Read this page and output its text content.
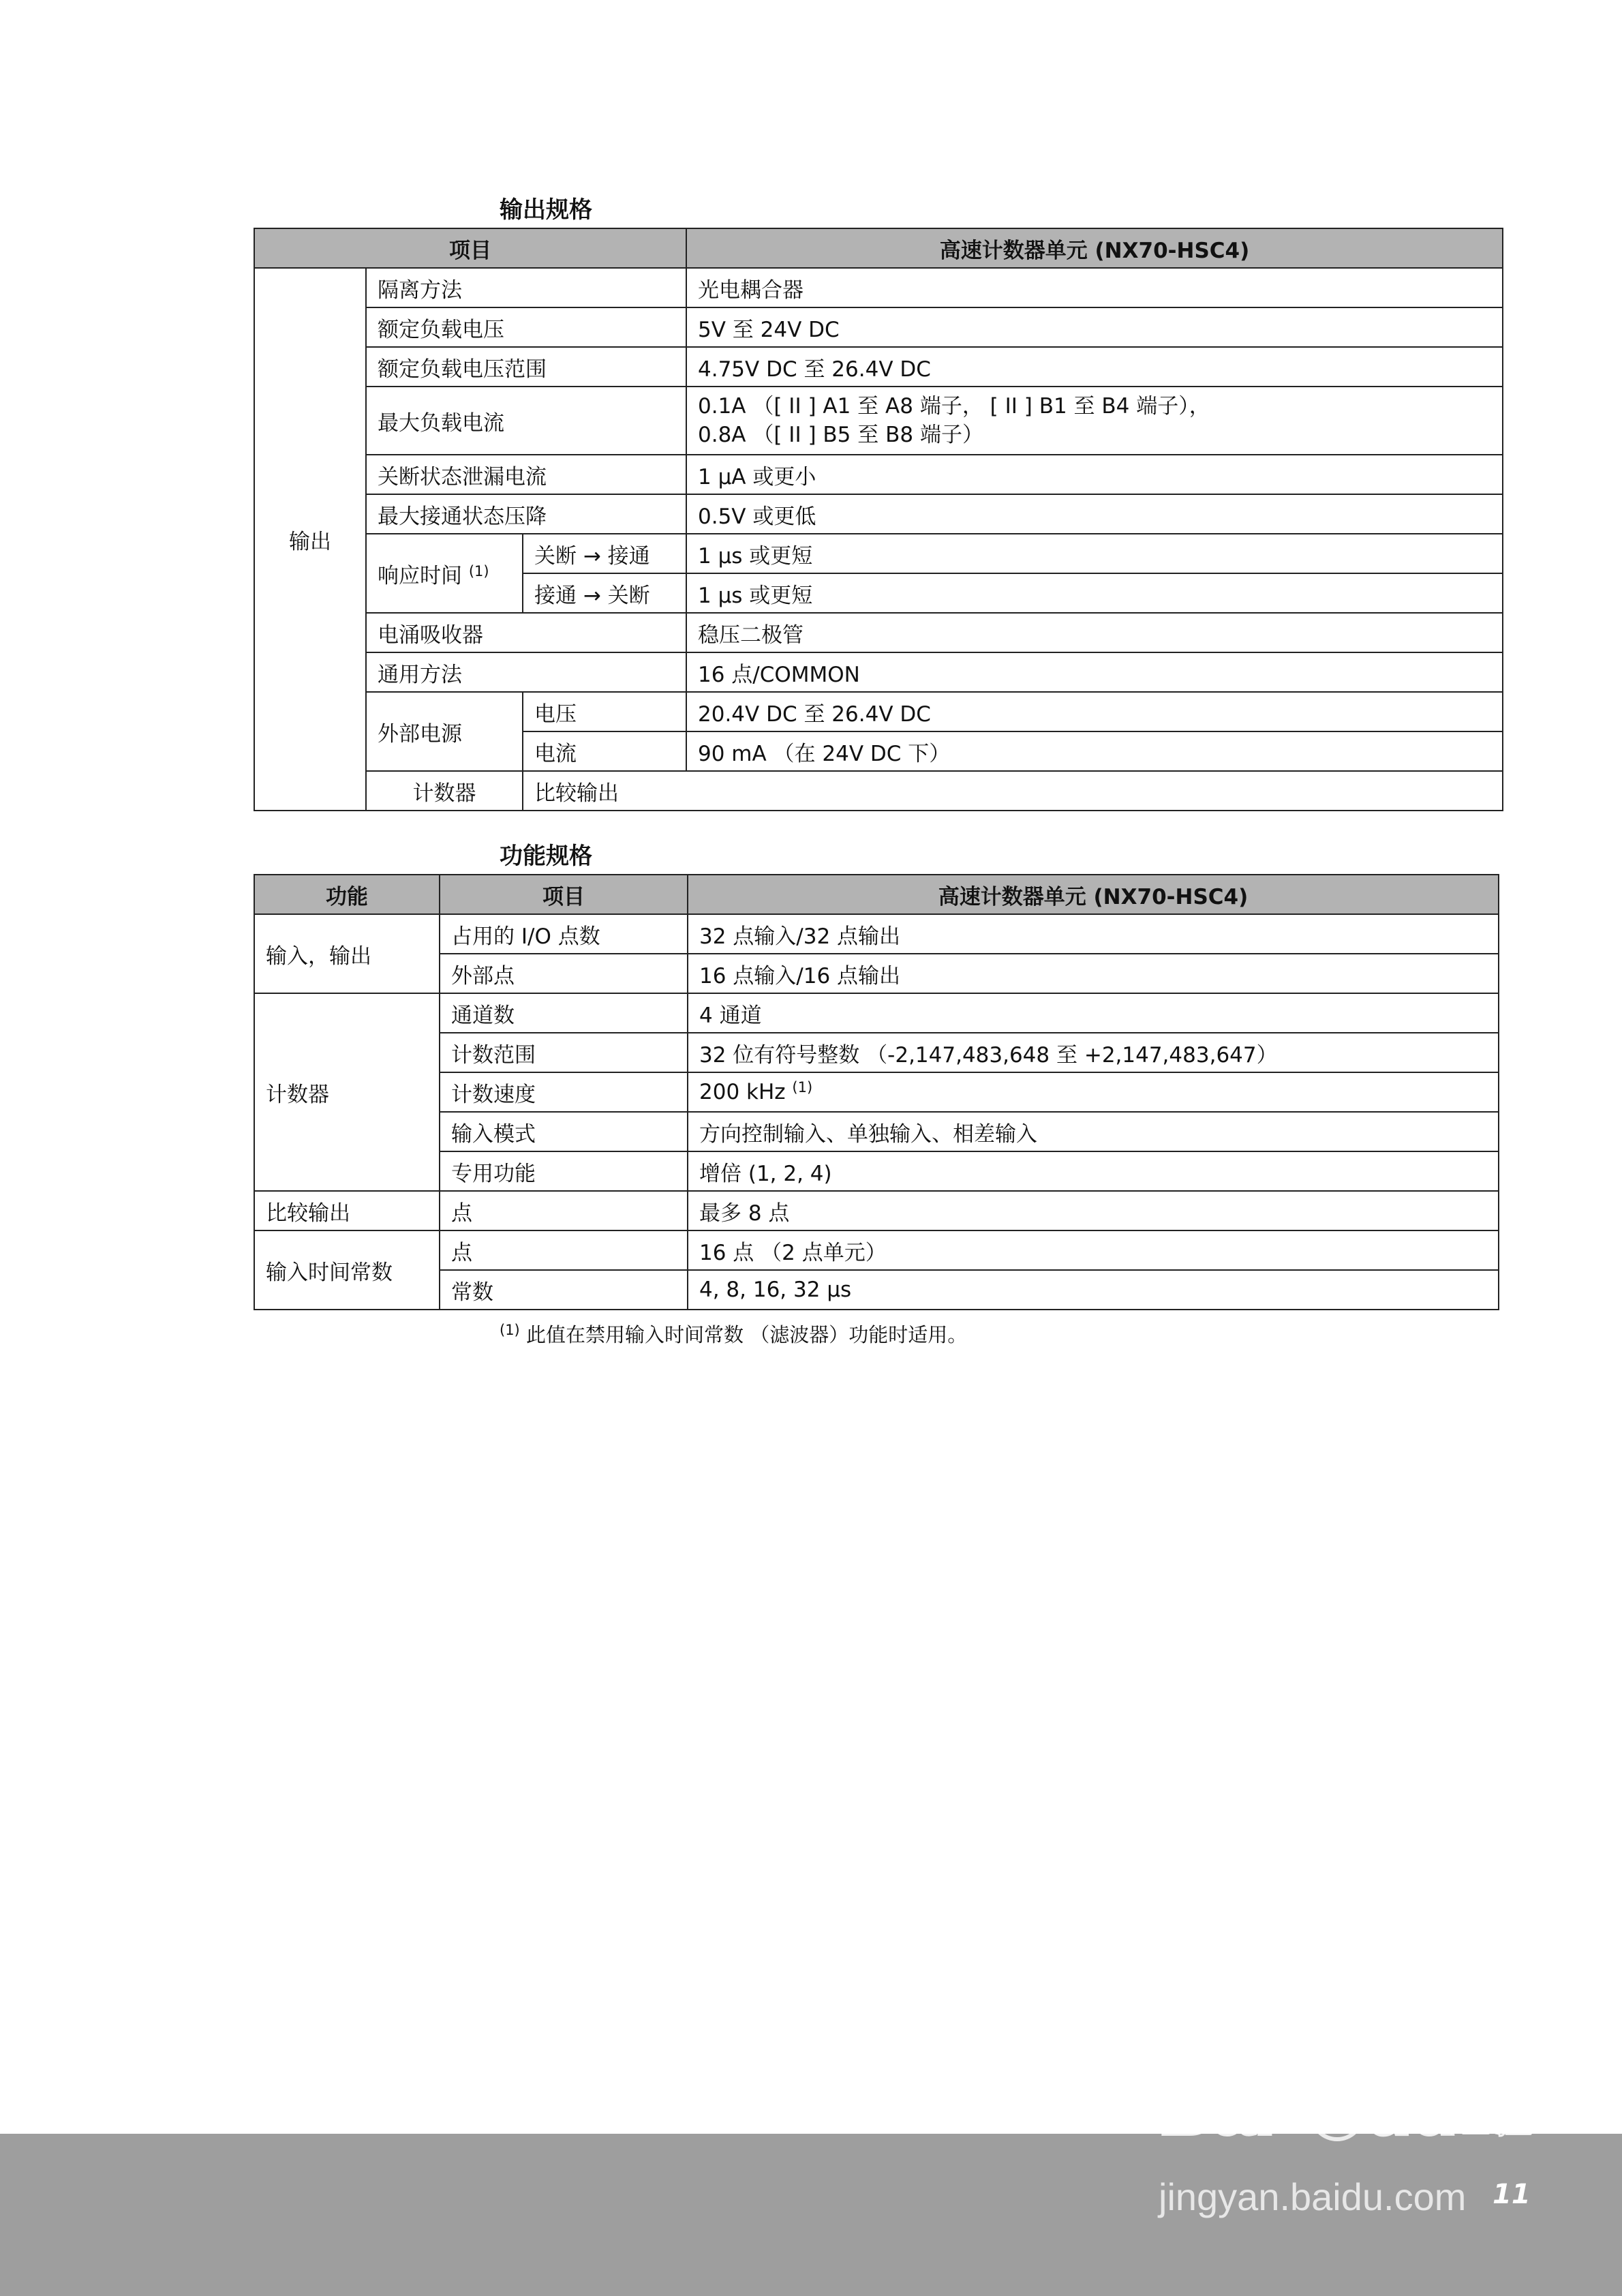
输出规格
项目			高速计数器单元 (NX70-HSC4)	
输出	隔离方法		光电耦合器	
	额定负载电压		5V 至 24V DC	
	额定负载电压范围		4.75V DC 至 26.4V DC	
	最大负载电流		0.1A （[ II ] A1 至 A8 端子， [ II ] B1 至 B4 端子），
0.8A （[ II ] B5 至 B8 端子）	

	关断状态泄漏电流		1 μA 或更小	
	最大接通状态压降		0.5V 或更低	
	响应时间 $^{(1)}$	关断 → 接通	1 μs 或更短	
		接通 → 关断	1 μs 或更短	
	电涌吸收器		稳压二极管	
	通用方法		16 点/COMMON	
	外部电源	电压	20.4V DC 至 26.4V DC	
		电流	90 mA （在 24V DC 下）	
	计数器	比较输出	
功能规格
功能	项目	高速计数器单元 (NX70-HSC4)
输入，输出	占用的 I/O 点数	32 点输入/32 点输出
	外部点	16 点输入/16 点输出
计数器	通道数	4 通道
	计数范围	32 位有符号整数 （-2,147,483,648 至 +2,147,483,647）
	计数速度	200 kHz $^{(1)}$
	输入模式	方向控制输入、单独输入、相差输入
	专用功能	增倍 (1, 2, 4)
比较输出	点	最多 8 点
输入时间常数	点	16 点 （2 点单元）
	常数	4, 8, 16, 32 μs
$^{(1)}$ 此值在禁用输入时间常数 （滤波器）功能时适用。
Bai du
经验
jingyan.baidu.com 11
